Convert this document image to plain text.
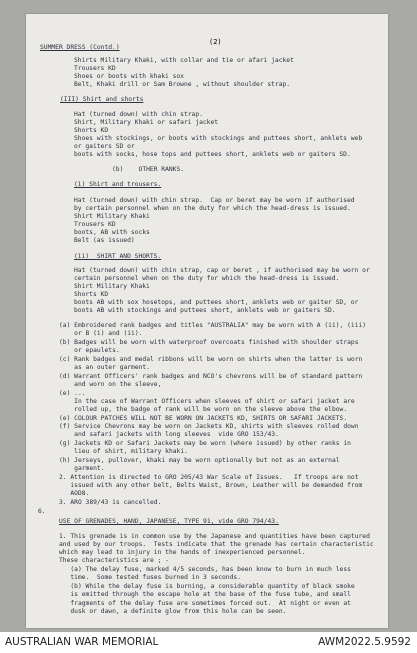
(2)

SUMMER DRESS (Contd.)

Shirts Military Khaki, with collar and tie or afari jacket

Trousers KD

Shoes or boots with khaki sox

Belt, Khaki drill or Sam Browne , without shoulder strap.

(III) Shirt and shorts

Hat (turned down) with chin strap.

Shirt, Military Khaki or safari jacket

Shorts KD

Shoes with stockings, or boots with stockings and puttees short, anklets web

or gaiters SD or

boots with socks, hose tops and puttees short, anklets web or gaiters SD.

(b)    OTHER RANKS.

(i) Shirt and trousers.

Hat (turned down) with chin strap.  Cap or beret may be worn if authorised

by certain personnel when on the duty for which the head-dress is issued.

Shirt Military Khaki

Trousers KD

boots, AB with socks

Belt (as issued)

(ii)  SHIRT AND SHORTS.

Hat (turned down) with chin strap, cap or beret , if authorised may be worn or

certain personnel when on the duty for which the head-dress is issued.

Shirt Military Khaki

Shorts KD

boots AB with sox hosetops, and puttees short, anklets web or gaiter SD, or

boots AB with stockings and puttees short, anklets web or gaiters SD.

(a) Embroidered rank badges and titles "AUSTRALIA" may be worn with A (ii), (iii)

or B (i) and (ii).

(b) Badges will be worn with waterproof overcoats finished with shoulder straps

or epaulets.

(c) Rank badges and medal ribbons will be worn on shirts when the latter is worn

as an outer garment.

(d) Warrant Officers' rank badges and NCO's chevrons will be of standard pattern

and worn on the sleeve,

(e) ...

In the case of Warrant Officers when sleeves of shirt or safari jacket are

rolled up, the badge of rank will be worn on the sleeve above the elbow.

(e) COLOUR PATCHES WILL NOT BE WORN ON JACKETS KD, SHIRTS OR SAFARI JACKETS.

(f) Service Chevrons may be worn on Jackets KD, shirts with sleeves rolled down

and safari jackets with long sleeves  vide GRO 153/43.

(g) Jackets KD or Safari Jackets may be worn (where issued) by other ranks in

lieu of shirt, military khaki.

(h) Jerseys, pullover, khaki may be worn optionally but not as an external

garment.

2. Attention is directed to GRO 205/43 War Scale of Issues.   If troops are not

issued with any other belt, Belts Waist, Brown, Leather will be demanded from

AOD8.

3. ARO 389/43 is cancelled.

6.

USE OF GRENADES, HAND, JAPANESE, TYPE 91, vide GRO 794/43.

1. This grenade is in common use by the Japanese and quantities have been captured

and used by our troops.  Tests indicate that the grenade has certain characteristic

which may lead to injury in the hands of inexperienced personnel.

These characteristics are ; -

(a) The delay fuse, marked 4/5 seconds, has been know to burn in much less

time.  Some tested fuses burned in 3 seconds.

(b) While the delay fuse is burning, a considerable quantity of black smoke

is emitted through the escape hole at the base of the fuse tube, and small

fragments of the delay fuse are sometimes forced out.  At night or even at

dusk or dawn, a definite glow from this hole can be seen.

AUSTRALIAN WAR MEMORIAL	AWM2022.5.9592
